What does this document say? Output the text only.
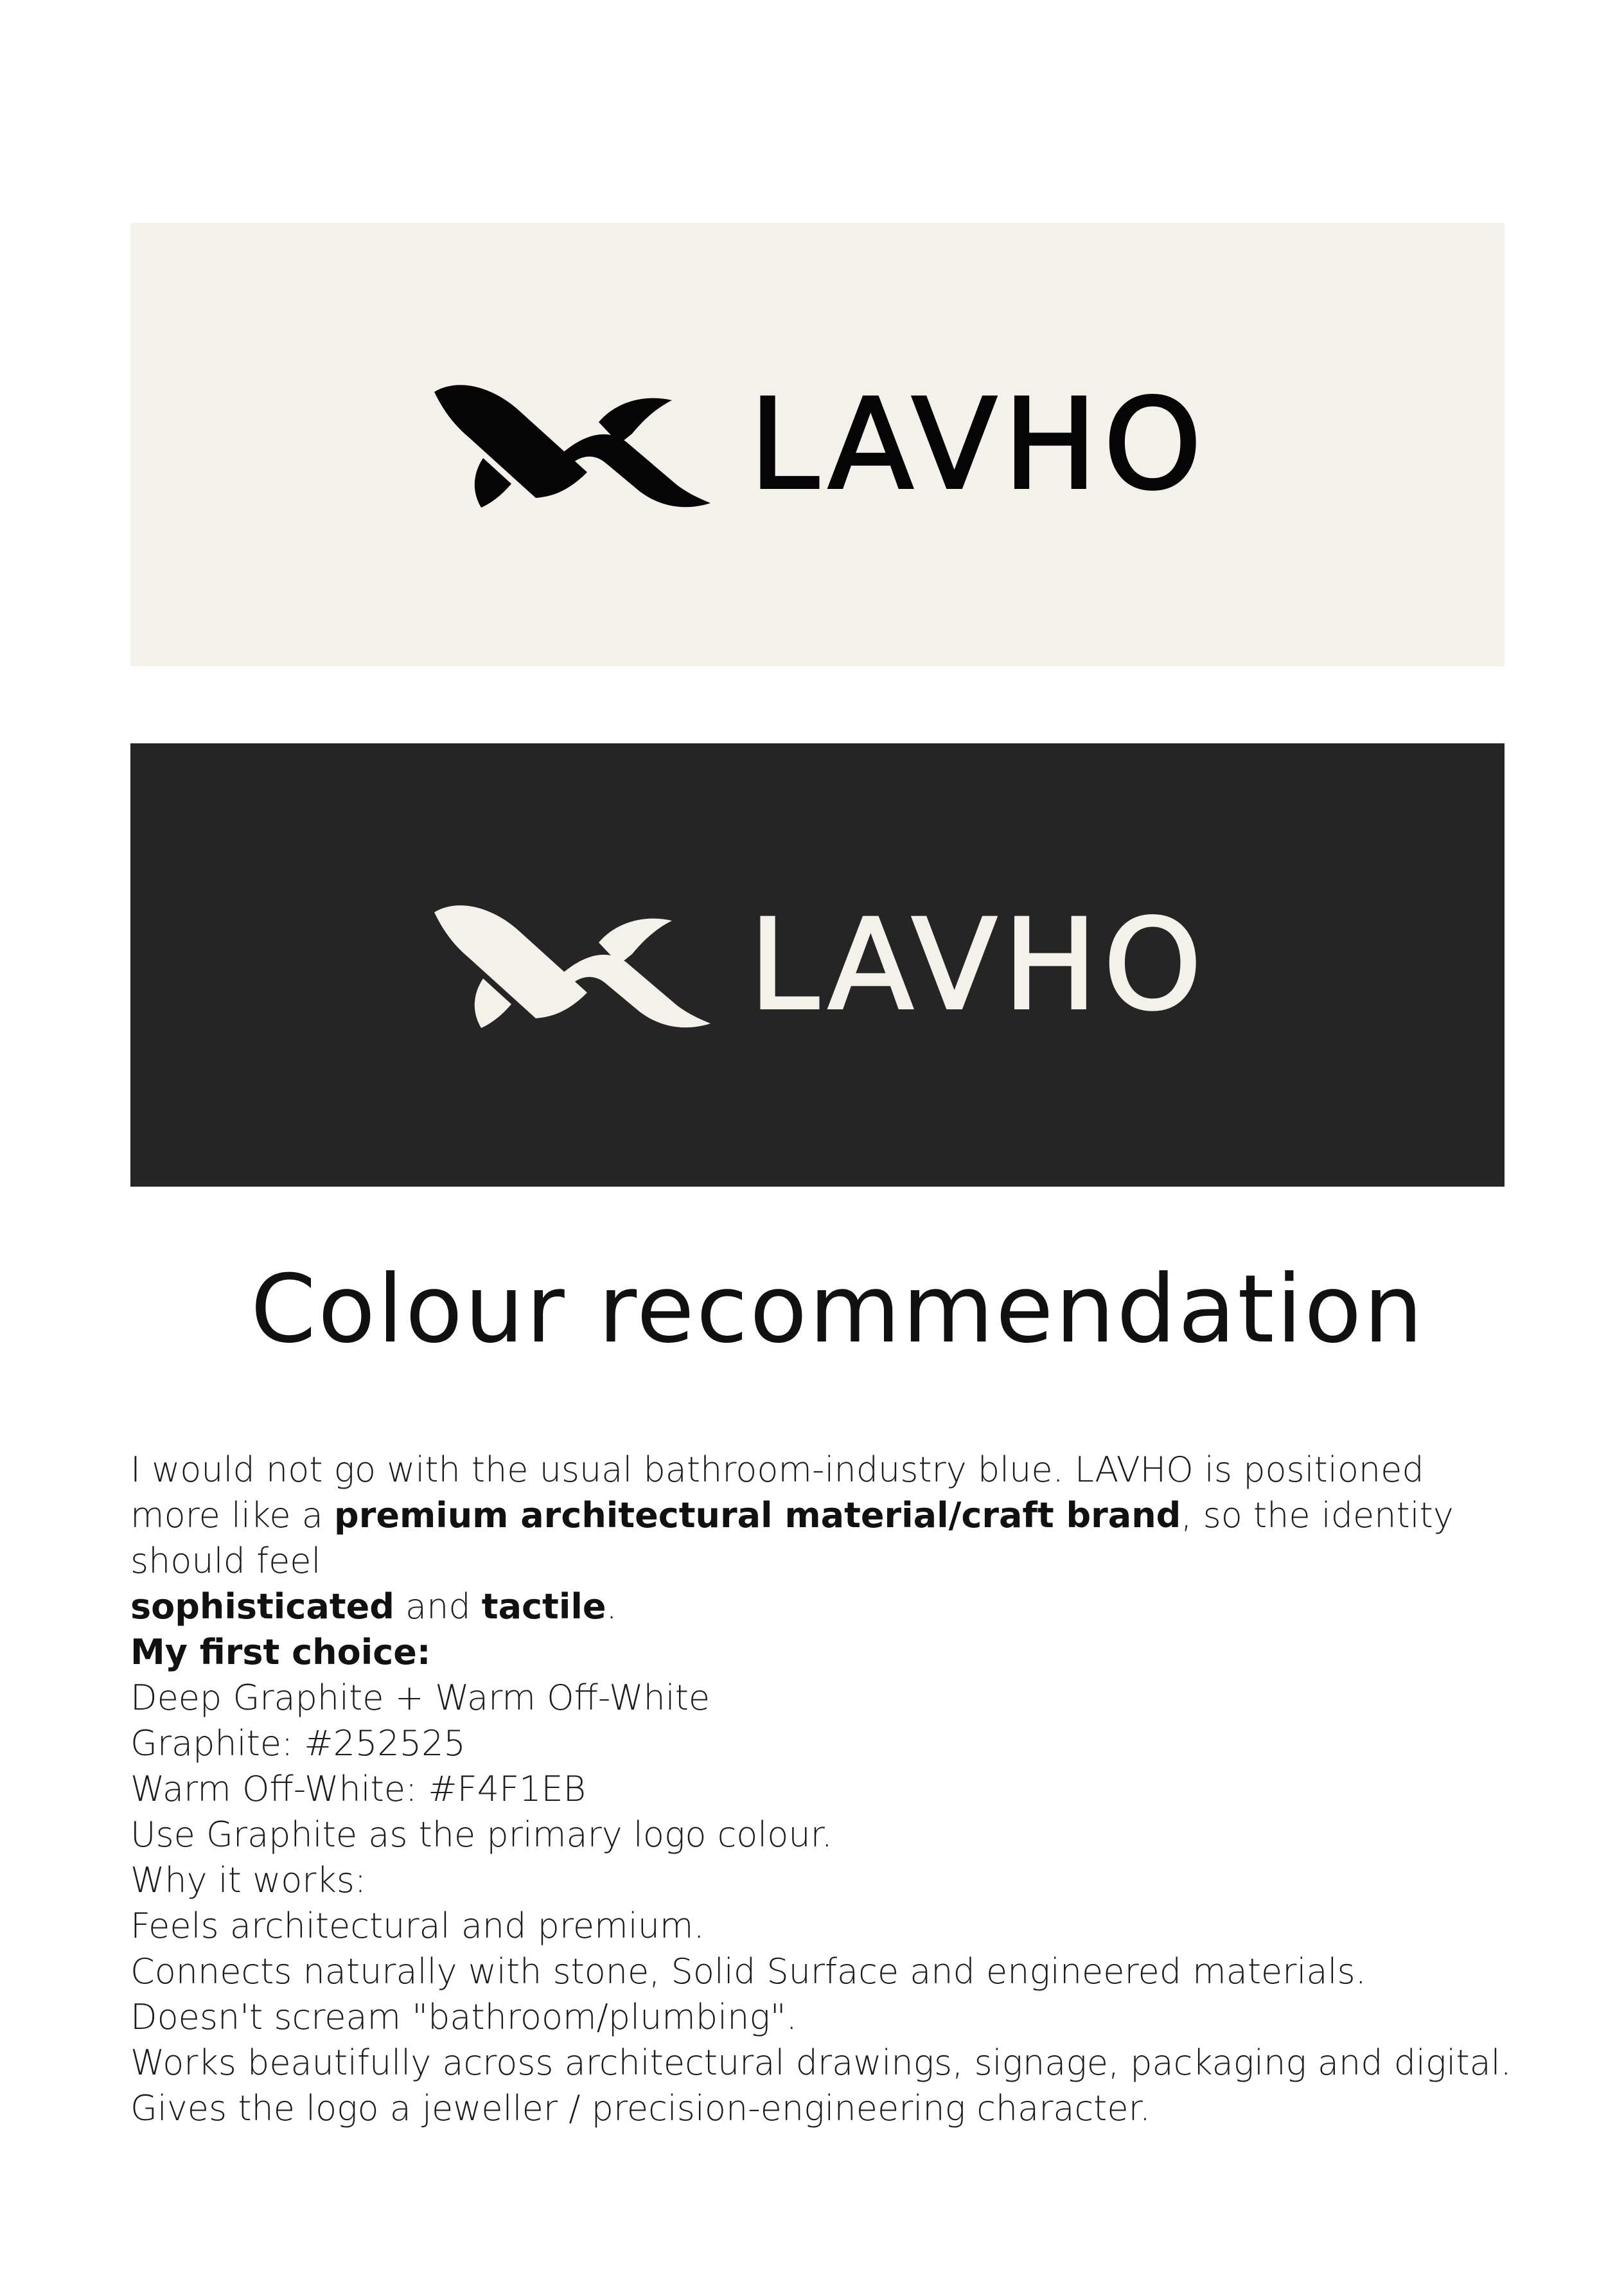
LAVHO
LAVHO
Colour recommendation

I would not go with the usual bathroom-industry blue. LAVHO is positioned more like a premium architectural material/craft brand, so the identity should feel
sophisticated and tactile.

My first choice:

Deep Graphite + Warm Off-White

Graphite: #252525

Warm Off-White: #F4F1EB

Use Graphite as the primary logo colour.

Why it works:

Feels architectural and premium.

Connects naturally with stone, Solid Surface and engineered materials.

Doesn't scream "bathroom/plumbing".

Works beautifully across architectural drawings, signage, packaging and digital.

Gives the logo a jeweller / precision-engineering character.
